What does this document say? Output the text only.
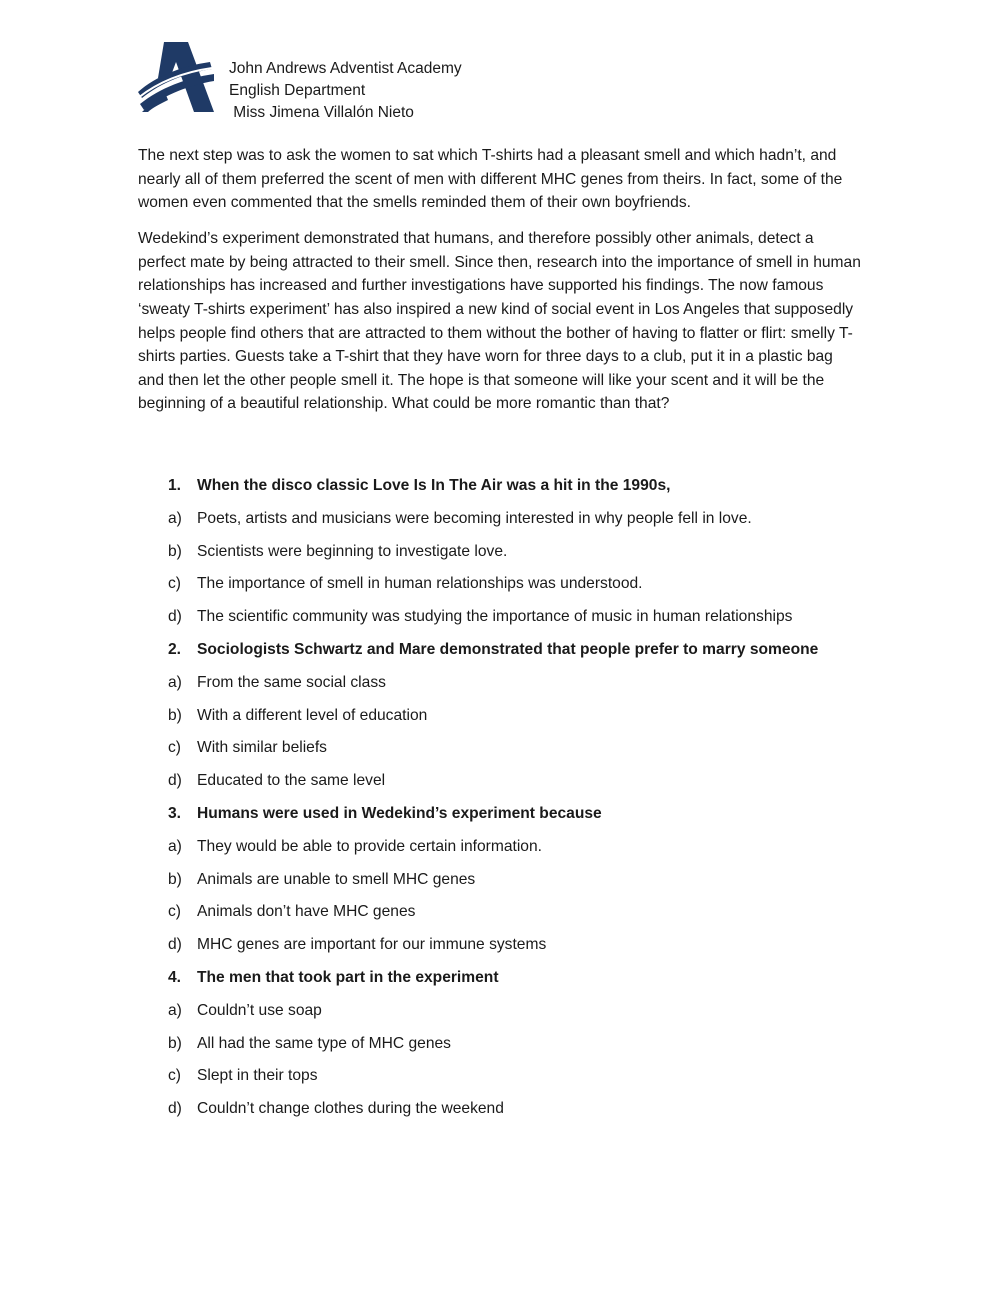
John Andrews Adventist Academy
English Department
Miss Jimena Villalón Nieto

The next step was to ask the women to sat which T-shirts had a pleasant smell and which hadn’t, and nearly all of them preferred the scent of men with different MHC genes from theirs. In fact, some of the women even commented that the smells reminded them of their own boyfriends.

Wedekind’s experiment demonstrated that humans, and therefore possibly other animals, detect a perfect mate by being attracted to their smell. Since then, research into the importance of smell in human relationships has increased and further investigations have supported his findings. The now famous ‘sweaty T-shirts experiment’ has also inspired a new kind of social event in Los Angeles that supposedly helps people find others that are attracted to them without the bother of having to flatter or flirt: smelly T-shirts parties. Guests take a T-shirt that they have worn for three days to a club, put it in a plastic bag and then let the other people smell it. The hope is that someone will like your scent and it will be the beginning of a beautiful relationship. What could be more romantic than that?

1. When the disco classic Love Is In The Air was a hit in the 1990s,
a) Poets, artists and musicians were becoming interested in why people fell in love.
b) Scientists were beginning to investigate love.
c) The importance of smell in human relationships was understood.
d) The scientific community was studying the importance of music in human relationships
2. Sociologists Schwartz and Mare demonstrated that people prefer to marry someone
a) From the same social class
b) With a different level of education
c) With similar beliefs
d) Educated to the same level
3. Humans were used in Wedekind’s experiment because
a) They would be able to provide certain information.
b) Animals are unable to smell MHC genes
c) Animals don’t have MHC genes
d) MHC genes are important for our immune systems
4. The men that took part in the experiment
a) Couldn’t use soap
b) All had the same type of MHC genes
c) Slept in their tops
d) Couldn’t change clothes during the weekend
